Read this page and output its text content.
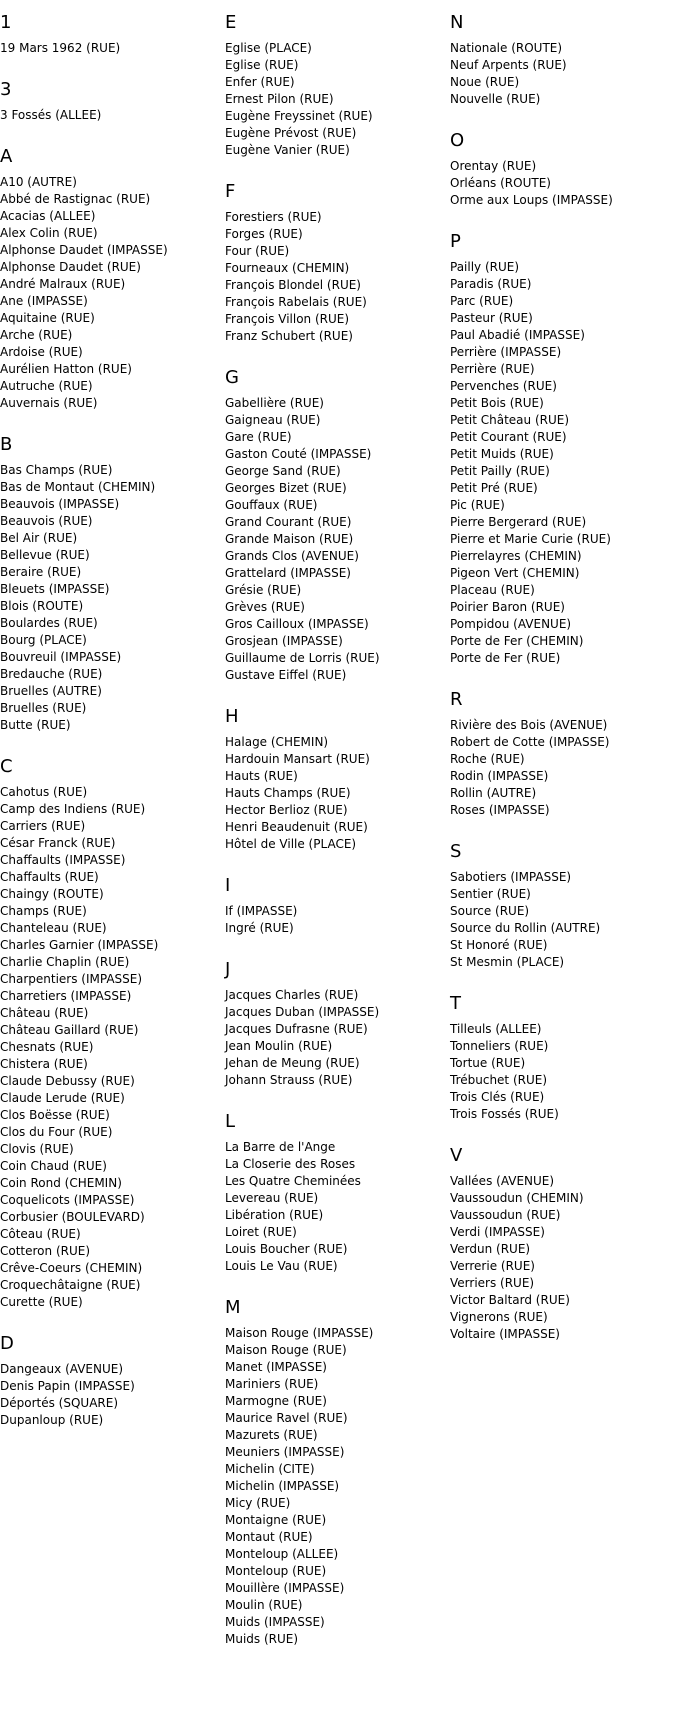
1
19 Mars 1962 (RUE)
3
3 Fossés (ALLEE)
A
A10 (AUTRE)
Abbé de Rastignac (RUE)
Acacias (ALLEE)
Alex Colin (RUE)
Alphonse Daudet (IMPASSE)
Alphonse Daudet (RUE)
André Malraux (RUE)
Ane (IMPASSE)
Aquitaine (RUE)
Arche (RUE)
Ardoise (RUE)
Aurélien Hatton (RUE)
Autruche (RUE)
Auvernais (RUE)
B
Bas Champs (RUE)
Bas de Montaut (CHEMIN)
Beauvois (IMPASSE)
Beauvois (RUE)
Bel Air (RUE)
Bellevue (RUE)
Beraire (RUE)
Bleuets (IMPASSE)
Blois (ROUTE)
Boulardes (RUE)
Bourg (PLACE)
Bouvreuil (IMPASSE)
Bredauche (RUE)
Bruelles (AUTRE)
Bruelles (RUE)
Butte (RUE)
C
Cahotus (RUE)
Camp des Indiens (RUE)
Carriers (RUE)
César Franck (RUE)
Chaffaults (IMPASSE)
Chaffaults (RUE)
Chaingy (ROUTE)
Champs (RUE)
Chanteleau (RUE)
Charles Garnier (IMPASSE)
Charlie Chaplin (RUE)
Charpentiers (IMPASSE)
Charretiers (IMPASSE)
Château (RUE)
Château Gaillard (RUE)
Chesnats (RUE)
Chistera (RUE)
Claude Debussy (RUE)
Claude Lerude (RUE)
Clos Boësse (RUE)
Clos du Four (RUE)
Clovis (RUE)
Coin Chaud (RUE)
Coin Rond (CHEMIN)
Coquelicots (IMPASSE)
Corbusier (BOULEVARD)
Côteau (RUE)
Cotteron (RUE)
Crêve-Coeurs (CHEMIN)
Croquechâtaigne (RUE)
Curette (RUE)
D
Dangeaux (AVENUE)
Denis Papin (IMPASSE)
Déportés (SQUARE)
Dupanloup (RUE)
E
Eglise (PLACE)
Eglise (RUE)
Enfer (RUE)
Ernest Pilon (RUE)
Eugène Freyssinet (RUE)
Eugène Prévost (RUE)
Eugène Vanier (RUE)
F
Forestiers (RUE)
Forges (RUE)
Four (RUE)
Fourneaux (CHEMIN)
François Blondel (RUE)
François Rabelais (RUE)
François Villon (RUE)
Franz Schubert (RUE)
G
Gabellière (RUE)
Gaigneau (RUE)
Gare (RUE)
Gaston Couté (IMPASSE)
George Sand (RUE)
Georges Bizet (RUE)
Gouffaux (RUE)
Grand Courant (RUE)
Grande Maison (RUE)
Grands Clos (AVENUE)
Grattelard (IMPASSE)
Grésie (RUE)
Grèves (RUE)
Gros Cailloux (IMPASSE)
Grosjean (IMPASSE)
Guillaume de Lorris (RUE)
Gustave Eiffel (RUE)
H
Halage (CHEMIN)
Hardouin Mansart (RUE)
Hauts (RUE)
Hauts Champs (RUE)
Hector Berlioz (RUE)
Henri Beaudenuit (RUE)
Hôtel de Ville (PLACE)
I
If (IMPASSE)
Ingré (RUE)
J
Jacques Charles (RUE)
Jacques Duban (IMPASSE)
Jacques Dufrasne (RUE)
Jean Moulin (RUE)
Jehan de Meung (RUE)
Johann Strauss (RUE)
L
La Barre de l'Ange
La Closerie des Roses
Les Quatre Cheminées
Levereau (RUE)
Libération (RUE)
Loiret (RUE)
Louis Boucher (RUE)
Louis Le Vau (RUE)
M
Maison Rouge (IMPASSE)
Maison Rouge (RUE)
Manet (IMPASSE)
Mariniers (RUE)
Marmogne (RUE)
Maurice Ravel (RUE)
Mazurets (RUE)
Meuniers (IMPASSE)
Michelin (CITE)
Michelin (IMPASSE)
Micy (RUE)
Montaigne (RUE)
Montaut (RUE)
Monteloup (ALLEE)
Monteloup (RUE)
Mouillère (IMPASSE)
Moulin (RUE)
Muids (IMPASSE)
Muids (RUE)
N
Nationale (ROUTE)
Neuf Arpents (RUE)
Noue (RUE)
Nouvelle (RUE)
O
Orentay (RUE)
Orléans (ROUTE)
Orme aux Loups (IMPASSE)
P
Pailly (RUE)
Paradis (RUE)
Parc (RUE)
Pasteur (RUE)
Paul Abadié (IMPASSE)
Perrière (IMPASSE)
Perrière (RUE)
Pervenches (RUE)
Petit Bois (RUE)
Petit Château (RUE)
Petit Courant (RUE)
Petit Muids (RUE)
Petit Pailly (RUE)
Petit Pré (RUE)
Pic (RUE)
Pierre Bergerard (RUE)
Pierre et Marie Curie (RUE)
Pierrelayres (CHEMIN)
Pigeon Vert (CHEMIN)
Placeau (RUE)
Poirier Baron (RUE)
Pompidou (AVENUE)
Porte de Fer (CHEMIN)
Porte de Fer (RUE)
R
Rivière des Bois (AVENUE)
Robert de Cotte (IMPASSE)
Roche (RUE)
Rodin (IMPASSE)
Rollin (AUTRE)
Roses (IMPASSE)
S
Sabotiers (IMPASSE)
Sentier (RUE)
Source (RUE)
Source du Rollin (AUTRE)
St Honoré (RUE)
St Mesmin (PLACE)
T
Tilleuls (ALLEE)
Tonneliers (RUE)
Tortue (RUE)
Trébuchet (RUE)
Trois Clés (RUE)
Trois Fossés (RUE)
V
Vallées (AVENUE)
Vaussoudun (CHEMIN)
Vaussoudun (RUE)
Verdi (IMPASSE)
Verdun (RUE)
Verrerie (RUE)
Verriers (RUE)
Victor Baltard (RUE)
Vignerons (RUE)
Voltaire (IMPASSE)
